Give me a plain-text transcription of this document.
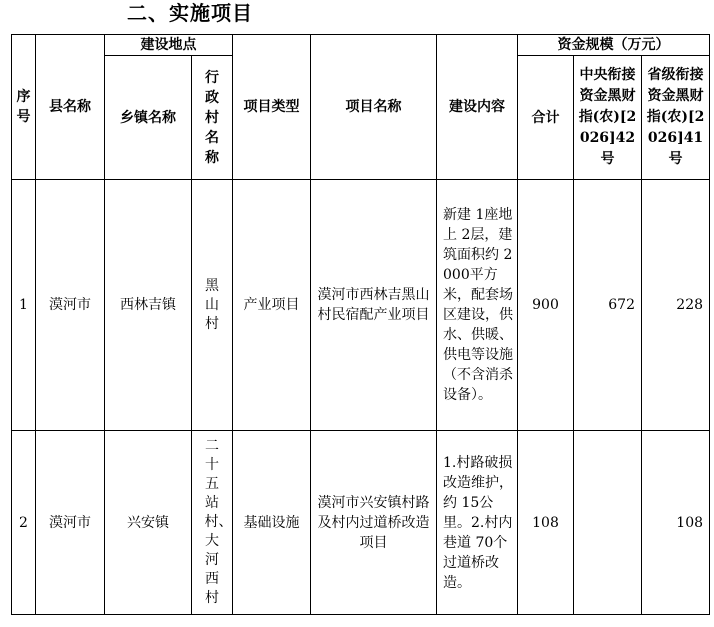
二、实施项目
序号	县名称	建设地点		项目类型	项目名称	建设内容	资金规模（万元）		
		乡镇名称	行政村名称				合计	中央衔接资金黑财指(农)[2026]42号	省级衔接资金黑财指(农)[2026]41号
1	漠河市	西林吉镇	黑山村	产业项目	漠河市西林吉黑山村民宿配产业项目	新建 1座地上 2层，建筑面积约 2000平方米，配套场区建设，供水、供暖、供电等设施（不含消杀设备）。	900	672	228
2	漠河市	兴安镇	二十五站村、大河西村	基础设施	漠河市兴安镇村路及村内过道桥改造项目	1.村路破损改造维护，约 15公里。2.村内巷道 70个过道桥改造。	108		108
